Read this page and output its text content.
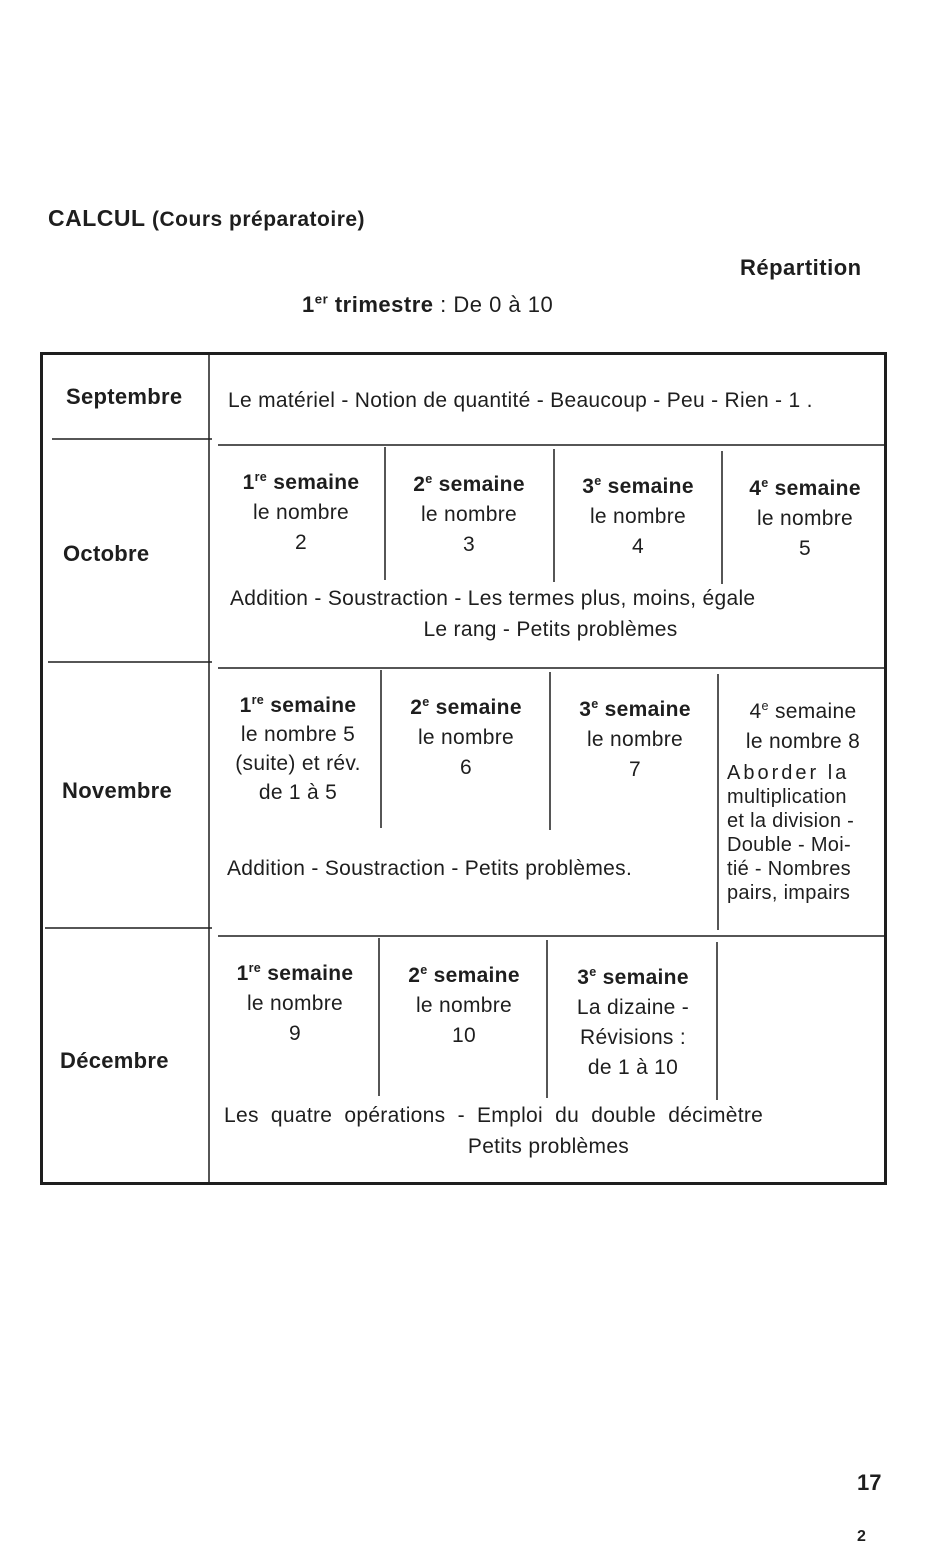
CALCUL (Cours préparatoire)
Répartition
1er trimestre : De 0 à 10
Septembre Le matériel - Notion de quantité - Beaucoup - Peu - Rien - 1 .
Octobre
1re semaine
le nombre
2
2e semaine
le nombre
3
3e semaine
le nombre
4
4e semaine
le nombre
5
Addition - Soustraction - Les termes plus, moins, égale
Le rang - Petits problèmes
Novembre
1re semaine
le nombre 5
(suite) et rév.
de 1 à 5
2e semaine
le nombre
6
3e semaine
le nombre
7
4e semaine
le nombre 8
Aborder la
multiplication
et la division -
Double - Moi-
tié - Nombres
pairs, impairs
Addition - Soustraction - Petits problèmes.
Décembre
1re semaine
le nombre
9
2e semaine
le nombre
10
3e semaine
La dizaine -
Révisions :
de 1 à 10
Les quatre opérations - Emploi du double décimètre
Petits problèmes
17
2
